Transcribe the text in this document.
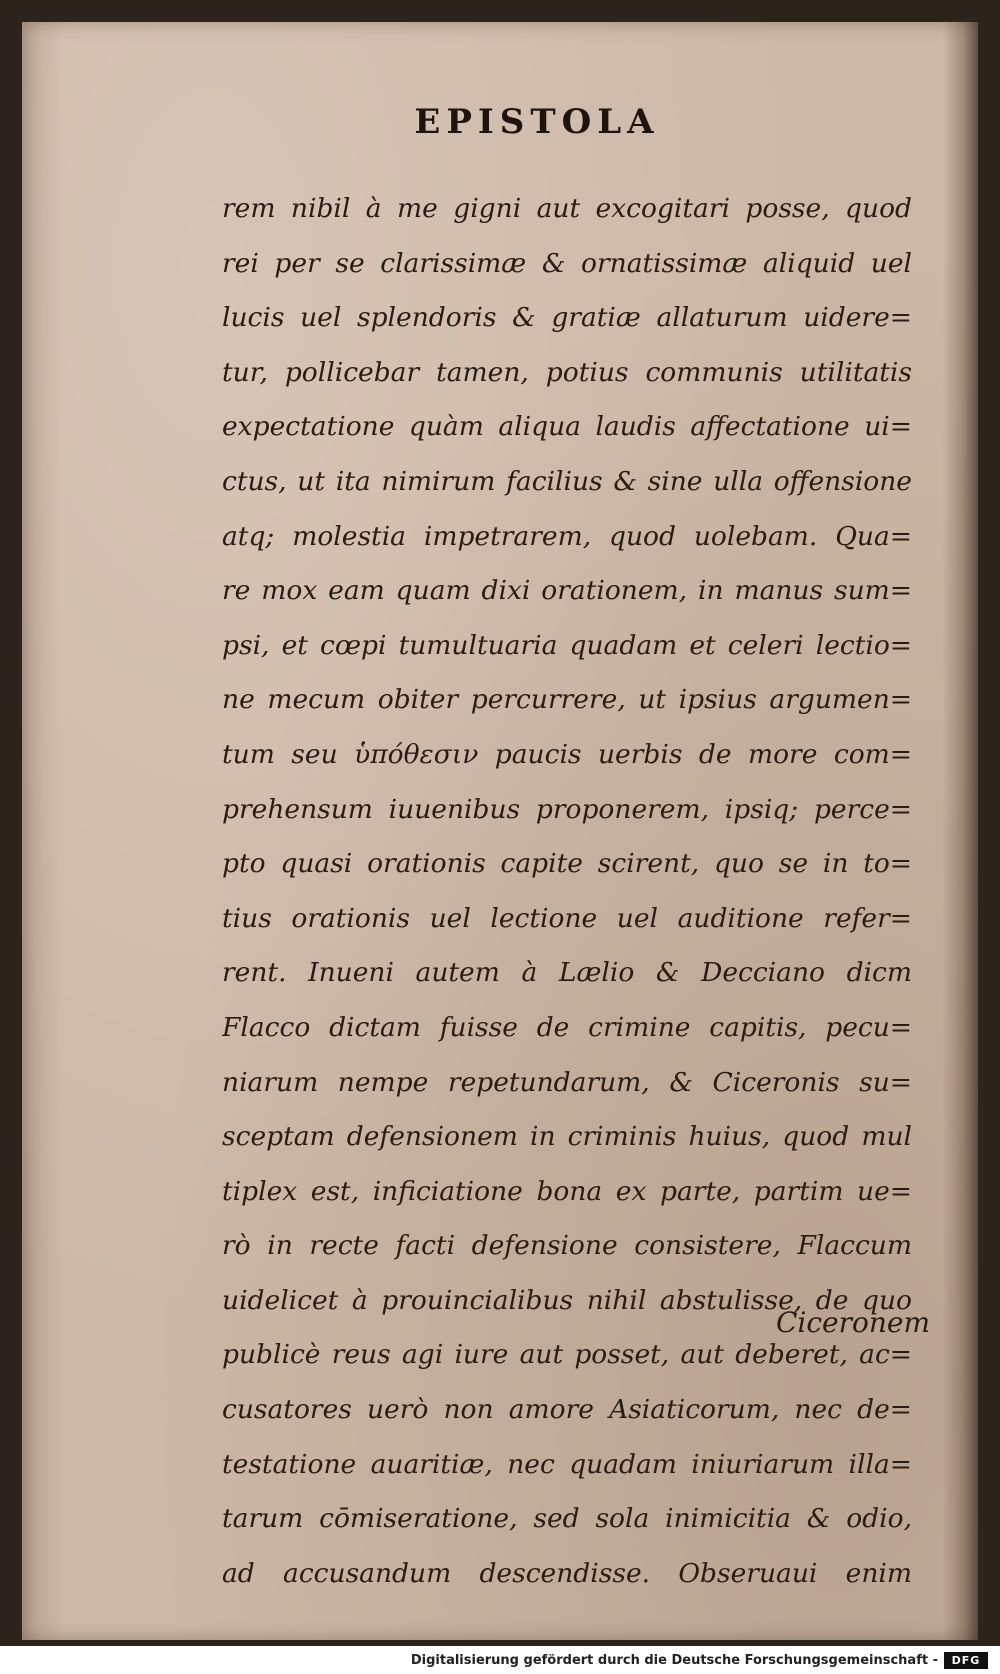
EPISTOLA
rem nibil à me gigni aut excogitari posse, quod
rei per se clarissimæ & ornatissimæ aliquid uel
lucis uel splendoris & gratiæ allaturum uidere=
tur, pollicebar tamen, potius communis utilitatis
expectatione quàm aliqua laudis affectatione ui=
ctus, ut ita nimirum facilius & sine ulla offensione
atq; molestia impetrarem, quod uolebam. Qua=
re mox eam quam dixi orationem, in manus sum=
psi, et cœpi tumultuaria quadam et celeri lectio=
ne mecum obiter percurrere, ut ipsius argumen=
tum seu ὑπόθεσιν paucis uerbis de more com=
prehensum iuuenibus proponerem, ipsiq; perce=
pto quasi orationis capite scirent, quo se in to=
tius orationis uel lectione uel auditione refer=
rent. Inueni autem à Lælio & Decciano dicm
Flacco dictam fuisse de crimine capitis, pecu=
niarum nempe repetundarum, & Ciceronis su=
sceptam defensionem in criminis huius, quod mul
tiplex est, inficiatione bona ex parte, partim ue=
rò in recte facti defensione consistere, Flaccum
uidelicet à prouincialibus nihil abstulisse, de quo
publicè reus agi iure aut posset, aut deberet, ac=
cusatores uerò non amore Asiaticorum, nec de=
testatione auaritiæ, nec quadam iniuriarum illa=
tarum cōmiseratione, sed sola inimicitia & odio,
ad accusandum descendisse. Obseruaui enim
Ciceronem
Digitalisierung gefördert durch die Deutsche Forschungsgemeinschaft -	DFG
